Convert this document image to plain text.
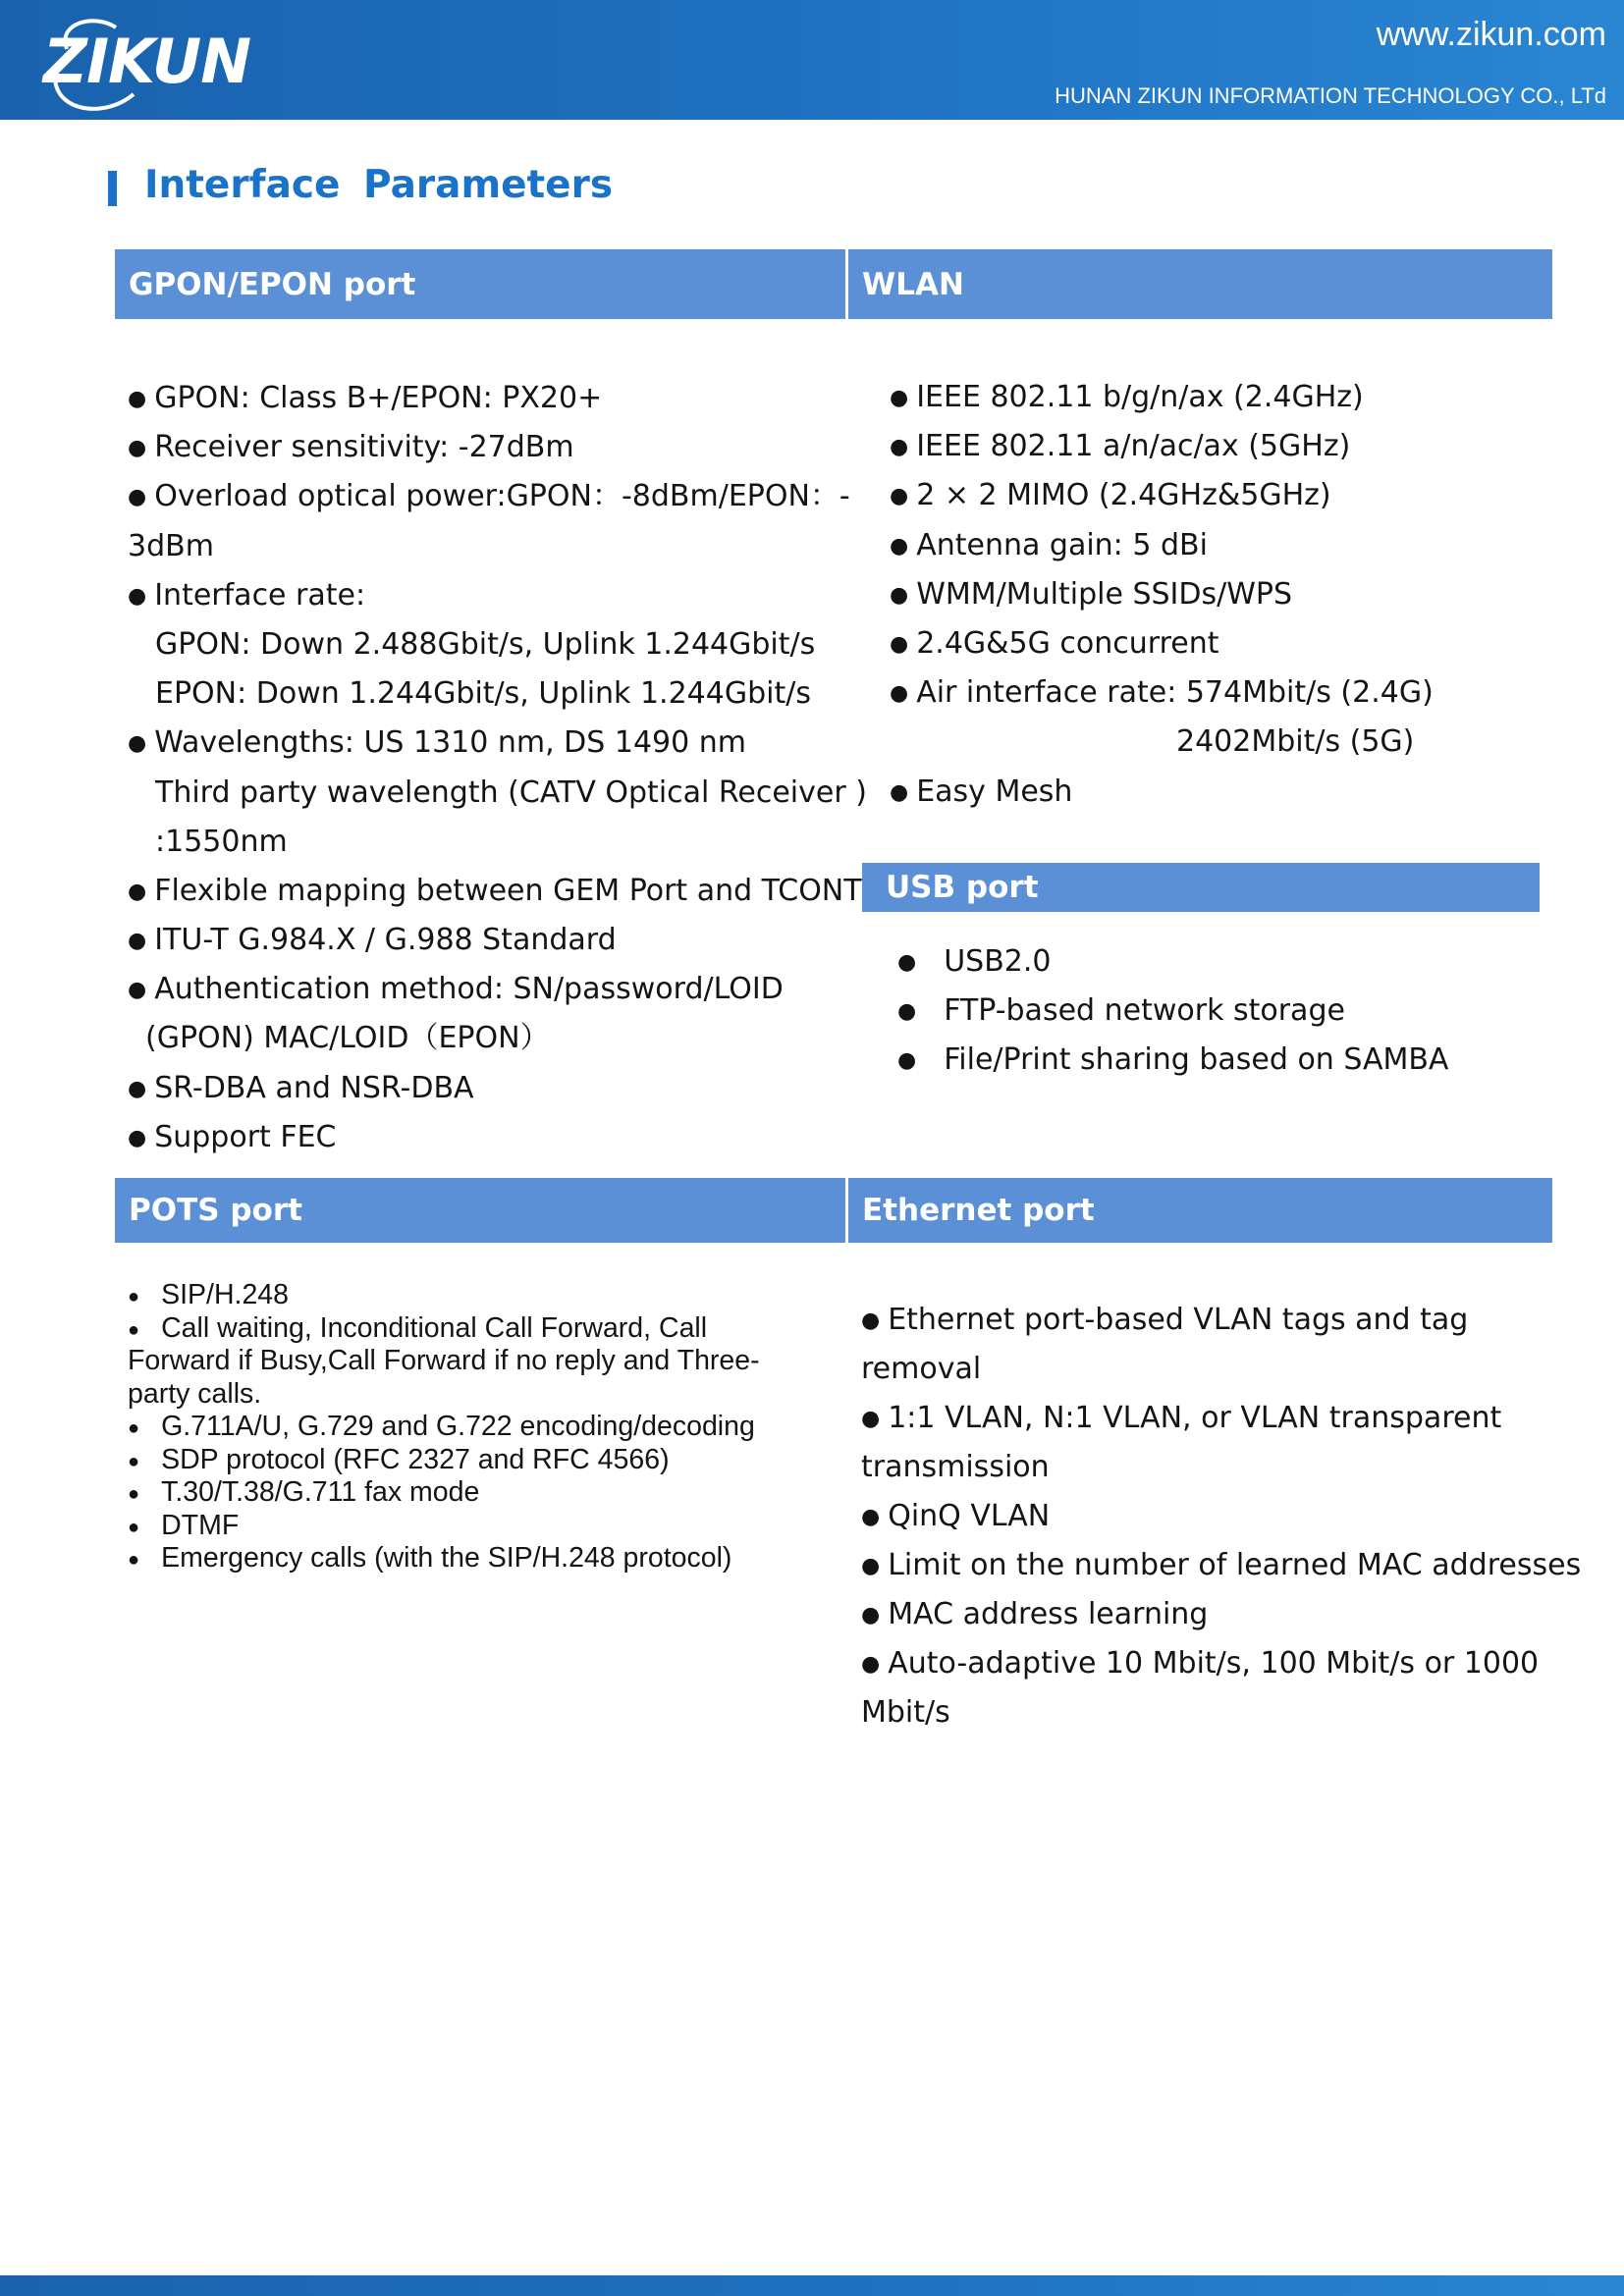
ZIKUN	www.zikun.com
HUNAN ZIKUN INFORMATION TECHNOLOGY CO., LTd
Interface Parameters
GPON/EPON port	WLAN
USB port
POTS port	Ethernet port
● GPON: Class B+/EPON: PX20+
● Receiver sensitivity: -27dBm
● Overload optical power:GPON：-8dBm/EPON：-
3dBm
● Interface rate:
GPON: Down 2.488Gbit/s, Uplink 1.244Gbit/s
EPON: Down 1.244Gbit/s, Uplink 1.244Gbit/s
● Wavelengths: US 1310 nm, DS 1490 nm
Third party wavelength (CATV Optical Receiver )
:1550nm
● Flexible mapping between GEM Port and TCONT
● ITU-T G.984.X / G.988 Standard
● Authentication method: SN/password/LOID
(GPON) MAC/LOID（EPON）
● SR-DBA and NSR-DBA
● Support FEC
● IEEE 802.11 b/g/n/ax (2.4GHz)
● IEEE 802.11 a/n/ac/ax (5GHz)
● 2 × 2 MIMO (2.4GHz&5GHz)
● Antenna gain: 5 dBi
● WMM/Multiple SSIDs/WPS
● 2.4G&5G concurrent
● Air interface rate: 574Mbit/s (2.4G)
2402Mbit/s (5G)
● Easy Mesh
● USB2.0
● FTP-based network storage
● File/Print sharing based on SAMBA
● SIP/H.248
● Call waiting, Inconditional Call Forward, Call
Forward if Busy,Call Forward if no reply and Three-
party calls.
● G.711A/U, G.729 and G.722 encoding/decoding
● SDP protocol (RFC 2327 and RFC 4566)
● T.30/T.38/G.711 fax mode
● DTMF
● Emergency calls (with the SIP/H.248 protocol)
● Ethernet port-based VLAN tags and tag
removal
● 1:1 VLAN, N:1 VLAN, or VLAN transparent
transmission
● QinQ VLAN
● Limit on the number of learned MAC addresses
● MAC address learning
● Auto-adaptive 10 Mbit/s, 100 Mbit/s or 1000
Mbit/s
